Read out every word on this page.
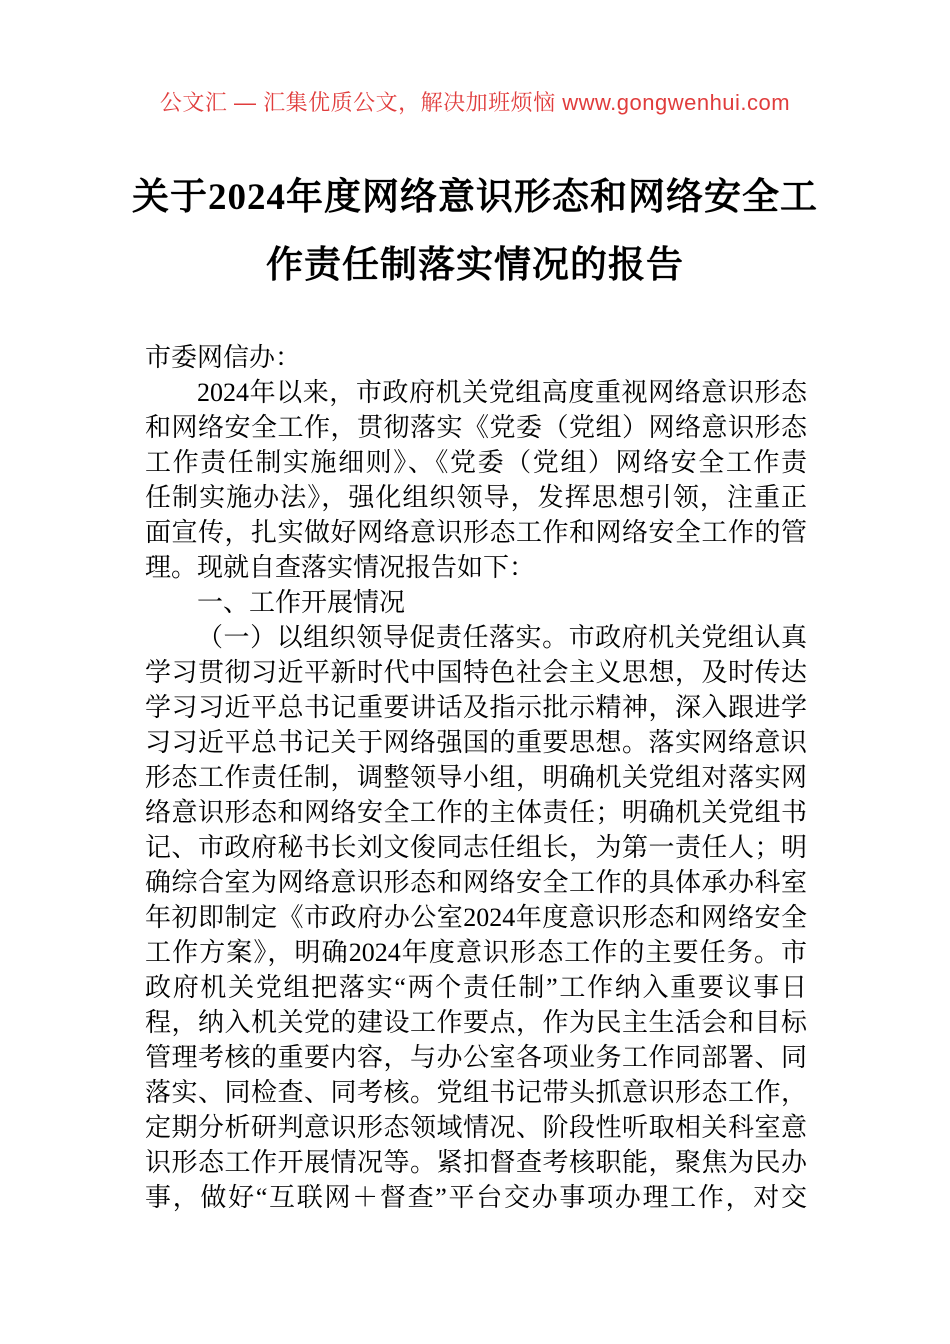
公文汇 — 汇集优质公文，解决加班烦恼 www.gongwenhui.com
关于2024年度网络意识形态和网络安全工
作责任制落实情况的报告
市委网信办：
2024年以来，市政府机关党组高度重视网络意识形态
和网络安全工作，贯彻落实《党委（党组）网络意识形态
工作责任制实施细则》、《党委（党组）网络安全工作责
任制实施办法》，强化组织领导，发挥思想引领，注重正
面宣传，扎实做好网络意识形态工作和网络安全工作的管
理。现就自查落实情况报告如下：
一、工作开展情况
（一）以组织领导促责任落实。市政府机关党组认真
学习贯彻习近平新时代中国特色社会主义思想，及时传达
学习习近平总书记重要讲话及指示批示精神，深入跟进学
习习近平总书记关于网络强国的重要思想。落实网络意识
形态工作责任制，调整领导小组，明确机关党组对落实网
络意识形态和网络安全工作的主体责任；明确机关党组书
记、市政府秘书长刘文俊同志任组长，为第一责任人；明
确综合室为网络意识形态和网络安全工作的具体承办科室
年初即制定《市政府办公室2024年度意识形态和网络安全
工作方案》，明确2024年度意识形态工作的主要任务。市
政府机关党组把落实“两个责任制”工作纳入重要议事日
程，纳入机关党的建设工作要点，作为民主生活会和目标
管理考核的重要内容，与办公室各项业务工作同部署、同
落实、同检查、同考核。党组书记带头抓意识形态工作，
定期分析研判意识形态领域情况、阶段性听取相关科室意
识形态工作开展情况等。紧扣督查考核职能，聚焦为民办
事，做好“互联网＋督查”平台交办事项办理工作，对交
